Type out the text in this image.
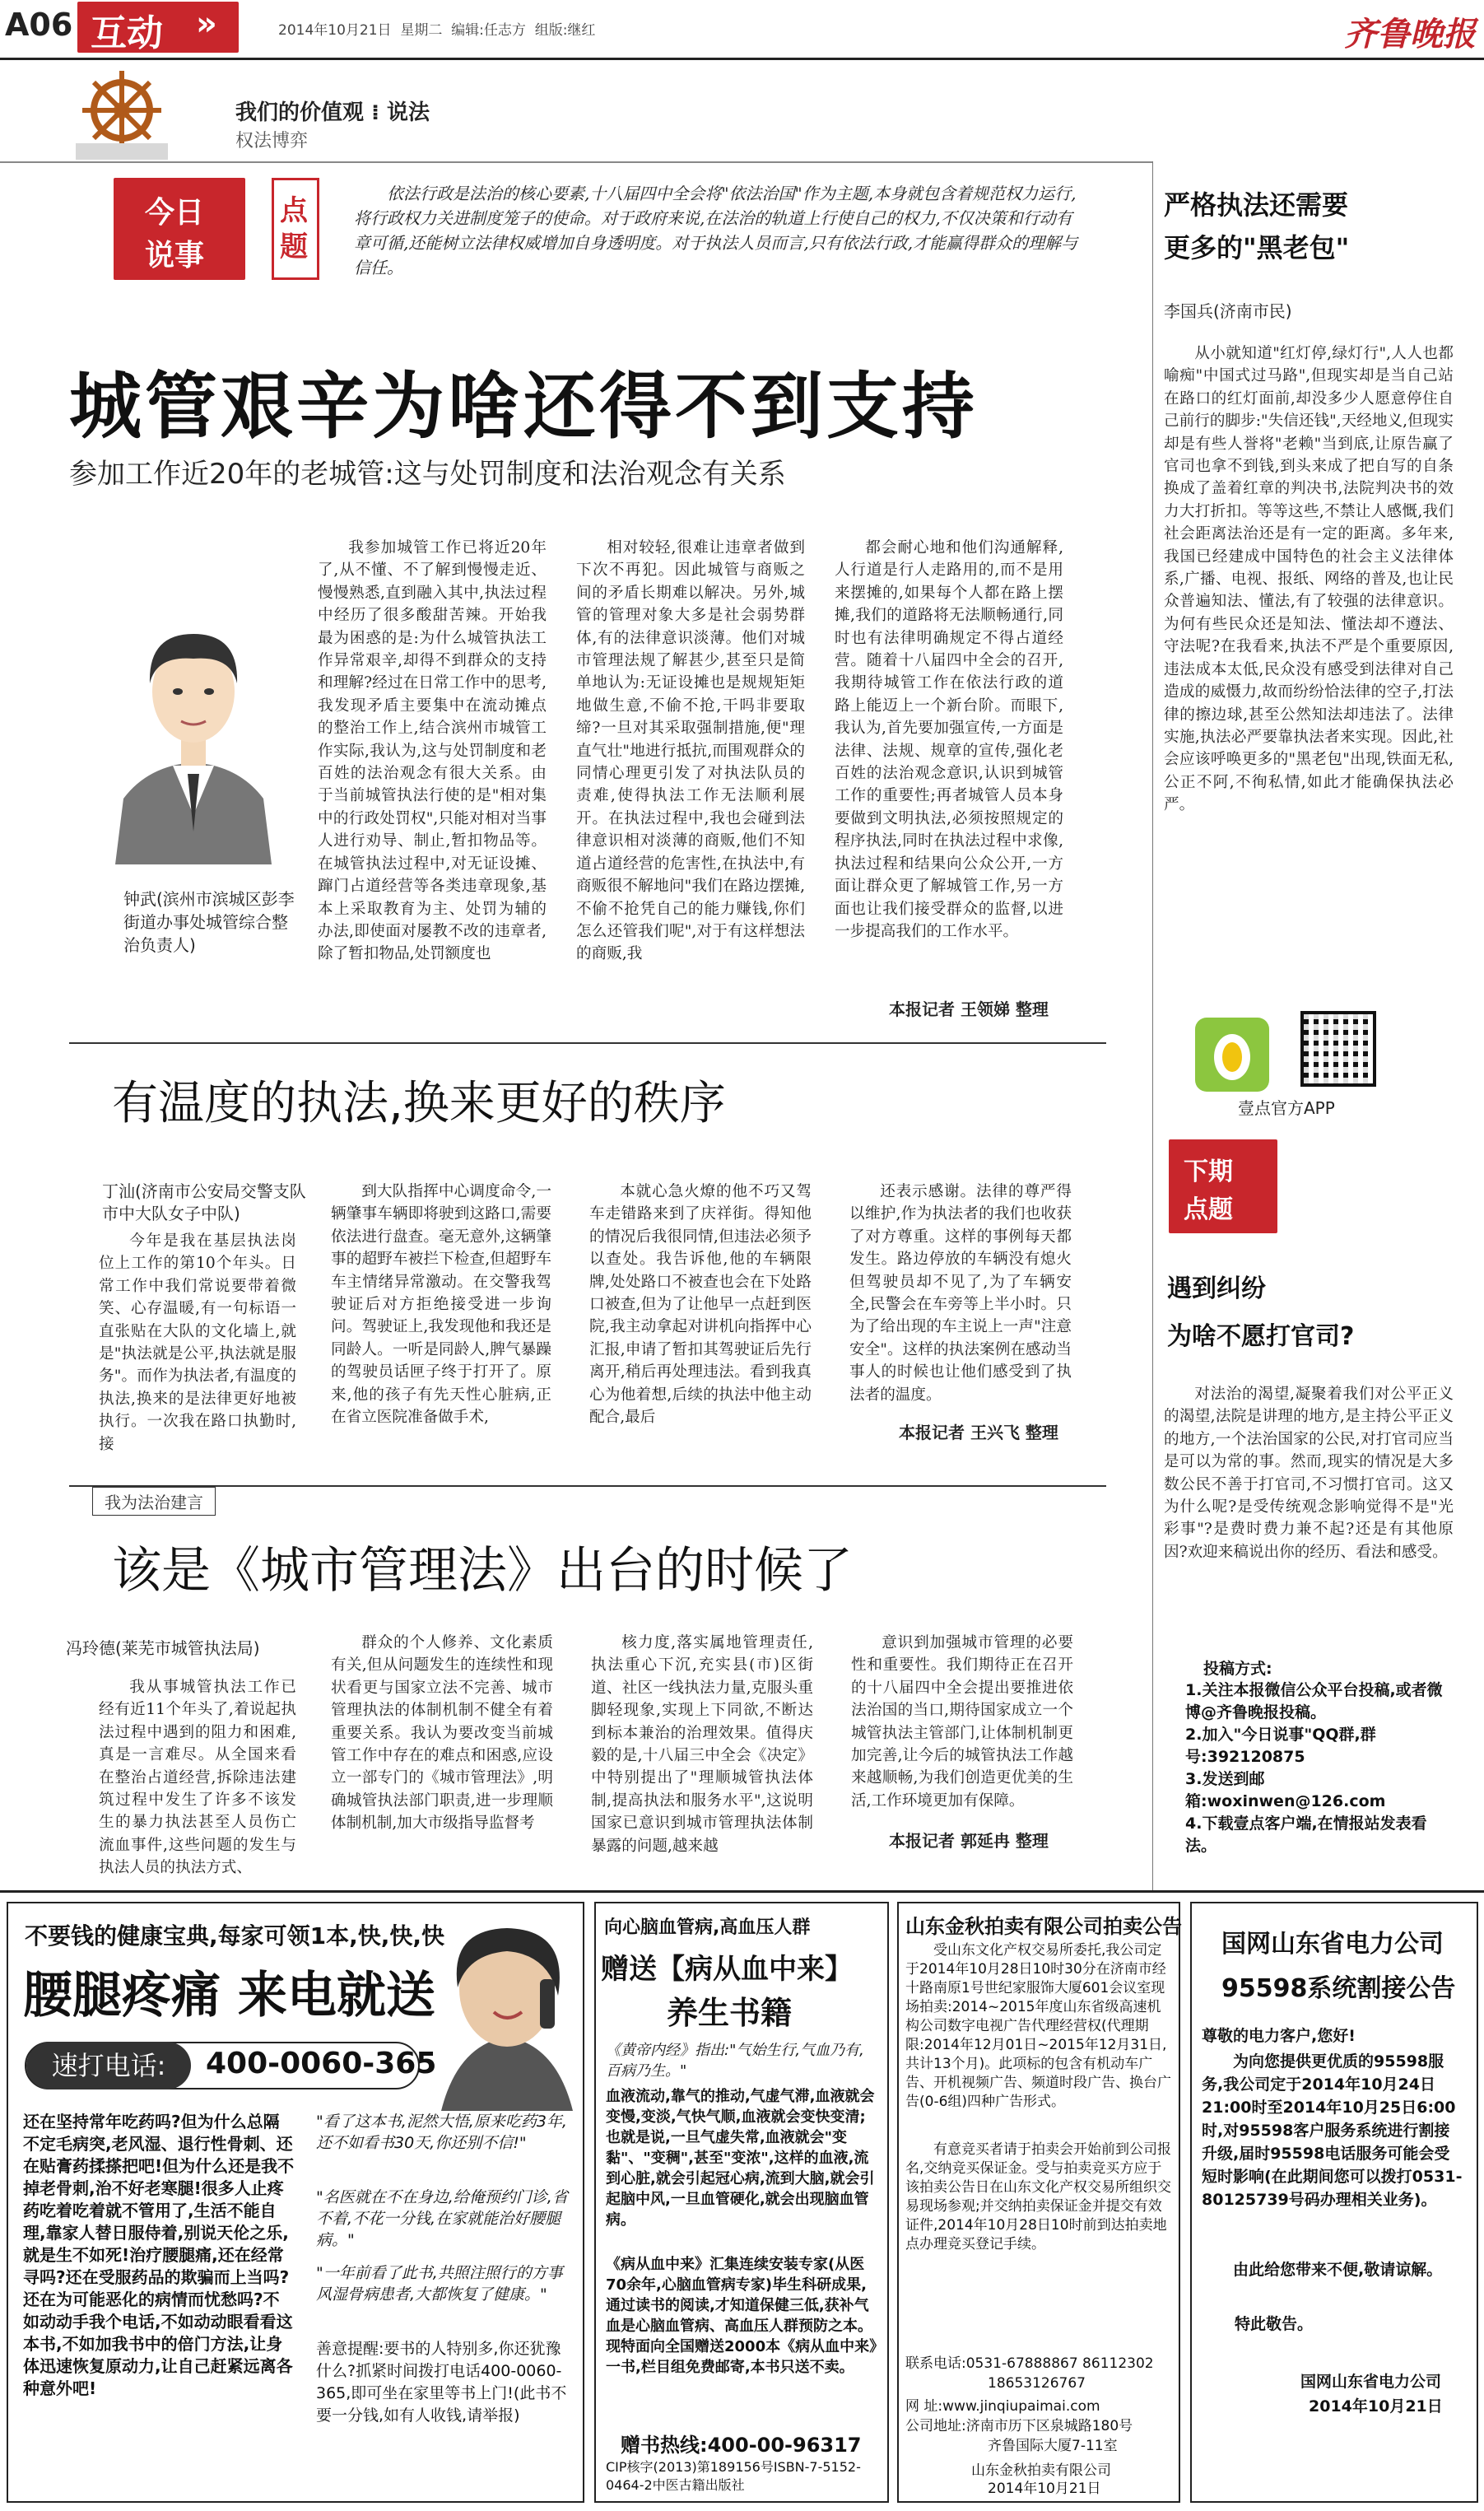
A06 互动 »	2014年10月21日 星期二 编辑:任志方 组版:继红	齐鲁晚报
我们的价值观 ⁞ 说法
权法博弈
今日
说事
点
题
依法行政是法治的核心要素,十八届四中全会将"依法治国"作为主题,本身就包含着规范权力运行,将行政权力关进制度笼子的使命。对于政府来说,在法治的轨道上行使自己的权力,不仅决策和行动有章可循,还能树立法律权威增加自身透明度。对于执法人员而言,只有依法行政,才能赢得群众的理解与信任。
城管艰辛为啥还得不到支持
参加工作近20年的老城管:这与处罚制度和法治观念有关系
钟武(滨州市滨城区彭李街道办事处城管综合整治负责人)

我参加城管工作已将近20年了,从不懂、不了解到慢慢走近、慢慢熟悉,直到融入其中,执法过程中经历了很多酸甜苦辣。开始我最为困惑的是:为什么城管执法工作异常艰辛,却得不到群众的支持和理解?经过在日常工作中的思考,我发现矛盾主要集中在流动摊点的整治工作上,结合滨州市城管工作实际,我认为,这与处罚制度和老百姓的法治观念有很大关系。由于当前城管执法行使的是"相对集中的行政处罚权",只能对相对当事人进行劝导、制止,暂扣物品等。在城管执法过程中,对无证设摊、蹿门占道经营等各类违章现象,基本上采取教育为主、处罚为辅的办法,即使面对屡教不改的违章者,除了暂扣物品,处罚额度也

相对较轻,很难让违章者做到下次不再犯。因此城管与商贩之间的矛盾长期难以解决。另外,城管的管理对象大多是社会弱势群体,有的法律意识淡薄。他们对城市管理法规了解甚少,甚至只是简单地认为:无证设摊也是规规矩矩地做生意,不偷不抢,干吗非要取缔?一旦对其采取强制措施,便"理直气壮"地进行抵抗,而围观群众的同情心理更引发了对执法队员的责难,使得执法工作无法顺利展开。在执法过程中,我也会碰到法律意识相对淡薄的商贩,他们不知道占道经营的危害性,在执法中,有商贩很不解地问"我们在路边摆摊,不偷不抢凭自己的能力赚钱,你们怎么还管我们呢",对于有这样想法的商贩,我

都会耐心地和他们沟通解释,人行道是行人走路用的,而不是用来摆摊的,如果每个人都在路上摆摊,我们的道路将无法顺畅通行,同时也有法律明确规定不得占道经营。随着十八届四中全会的召开,我期待城管工作在依法行政的道路上能迈上一个新台阶。而眼下,我认为,首先要加强宣传,一方面是法律、法规、规章的宣传,强化老百姓的法治观念意识,认识到城管工作的重要性;再者城管人员本身要做到文明执法,必须按照规定的程序执法,同时在执法过程中求像,执法过程和结果向公众公开,一方面让群众更了解城管工作,另一方面也让我们接受群众的监督,以进一步提高我们的工作水平。

本报记者 王领娣 整理
有温度的执法,换来更好的秩序
丁汕(济南市公安局交警支队市中大队女子中队)

今年是我在基层执法岗位上工作的第10个年头。日常工作中我们常说要带着微笑、心存温暖,有一句标语一直张贴在大队的文化墙上,就是"执法就是公平,执法就是服务"。而作为执法者,有温度的执法,换来的是法律更好地被执行。一次我在路口执勤时,接

到大队指挥中心调度命令,一辆肇事车辆即将驶到这路口,需要依法进行盘查。毫无意外,这辆肇事的超野车被拦下检查,但超野车车主情绪异常激动。在交警我驾驶证后对方拒绝接受进一步询问。驾驶证上,我发现他和我还是同龄人。一听是同龄人,脾气暴躁的驾驶员话匣子终于打开了。原来,他的孩子有先天性心脏病,正在省立医院准备做手术,

本就心急火燎的他不巧又驾车走错路来到了庆祥街。得知他的情况后我很同情,但违法必须予以查处。我告诉他,他的车辆限牌,处处路口不被查也会在下处路口被查,但为了让他早一点赶到医院,我主动拿起对讲机向指挥中心汇报,申请了暂扣其驾驶证后先行离开,稍后再处理违法。看到我真心为他着想,后续的执法中他主动配合,最后

还表示感谢。法律的尊严得以维护,作为执法者的我们也收获了对方尊重。这样的事例每天都发生。路边停放的车辆没有熄火但驾驶员却不见了,为了车辆安全,民警会在车旁等上半小时。只为了给出现的车主说上一声"注意安全"。这样的执法案例在感动当事人的时候也让他们感受到了执法者的温度。

本报记者 王兴飞 整理
我为法治建言
该是《城市管理法》出台的时候了
冯玲德(莱芜市城管执法局)

我从事城管执法工作已经有近11个年头了,着说起执法过程中遇到的阻力和困难,真是一言难尽。从全国来看在整治占道经营,拆除违法建筑过程中发生了许多不该发生的暴力执法甚至人员伤亡流血事件,这些问题的发生与执法人员的执法方式、

群众的个人修养、文化素质有关,但从问题发生的连续性和现状看更与国家立法不完善、城市管理执法的体制机制不健全有着重要关系。我认为要改变当前城管工作中存在的难点和困惑,应设立一部专门的《城市管理法》,明确城管执法部门职责,进一步理顺体制机制,加大市级指导监督考

核力度,落实属地管理责任,执法重心下沉,充实县(市)区街道、社区一线执法力量,克服头重脚轻现象,实现上下同欲,不断达到标本兼治的治理效果。值得庆毅的是,十八届三中全会《决定》中特别提出了"理顺城管执法体制,提高执法和服务水平",这说明国家已意识到城市管理执法体制暴露的问题,越来越

意识到加强城市管理的必要性和重要性。我们期待正在召开的十八届四中全会提出要推进依法治国的当口,期待国家成立一个城管执法主管部门,让体制机制更加完善,让今后的城管执法工作越来越顺畅,为我们创造更优美的生活,工作环境更加有保障。

本报记者 郭延冉 整理
严格执法还需要
更多的"黑老包"
李国兵(济南市民)

从小就知道"红灯停,绿灯行",人人也都喻痴"中国式过马路",但现实却是当自己站在路口的红灯面前,却没多少人愿意停住自己前行的脚步:"失信还钱",天经地义,但现实却是有些人誉将"老赖"当到底,让原告赢了官司也拿不到钱,到头来成了把自写的自条换成了盖着红章的判决书,法院判决书的效力大打折扣。等等这些,不禁让人感慨,我们社会距离法治还是有一定的距离。多年来,我国已经建成中国特色的社会主义法律体系,广播、电视、报纸、网络的普及,也让民众普遍知法、懂法,有了较强的法律意识。为何有些民众还是知法、懂法却不遵法、守法呢?在我看来,执法不严是个重要原因,违法成本太低,民众没有感受到法律对自己造成的威慑力,故而纷纷恰法律的空子,打法律的擦边球,甚至公然知法却违法了。法律实施,执法必严要靠执法者来实现。因此,社会应该呼唤更多的"黑老包"出现,铁面无私,公正不阿,不徇私情,如此才能确保执法必严。

壹点官方APP
下期
点题
遇到纠纷
为啥不愿打官司?

对法治的渴望,凝聚着我们对公平正义的渴望,法院是讲理的地方,是主持公平正义的地方,一个法治国家的公民,对打官司应当是可以为常的事。然而,现实的情况是大多数公民不善于打官司,不习惯打官司。这又为什么呢?是受传统观念影响觉得不是"光彩事"?是费时费力兼不起?还是有其他原因?欢迎来稿说出你的经历、看法和感受。

投稿方式:
1.关注本报微信公众平台投稿,或者微博@齐鲁晚报投稿。
2.加入"今日说事"QQ群,群号:392120875
3.发送到邮箱:woxinwen@126.com
4.下载壹点客户端,在情报站发表看法。
不要钱的健康宝典,每家可领1本,快,快,快
腰腿疼痛 来电就送
速打电话:	400-0060-365
还在坚持常年吃药吗?但为什么总隔不定毛病突,老风湿、退行性骨刺、还在贴膏药揉搽把吧!但为什么还是我不掉老骨刺,治不好老寒腿!很多人止疼药吃着吃着就不管用了,生活不能自理,靠家人替日服侍着,别说天伦之乐,就是生不如死!治疗腰腿痛,还在经常寻吗?还在受服药品的欺骗而上当吗?还在为可能恶化的病情而忧愁吗?不如动动手我个电话,不如动动眼看看这本书,不如加我书中的倍门方法,让身体迅速恢复原动力,让自己赶紧远离各种意外吧!
"看了这本书,泥然大悟,原来吃药3年,还不如看书30天,你还别不信!"
"名医就在不在身边,给俺预约门诊,省不着,不花一分钱,在家就能治好腰腿病。"
"一年前看了此书,共照注照行的方事风湿骨病患者,大都恢复了健康。"
善意提醒:要书的人特别多,你还犹豫什么?抓紧时间拨打电话400-0060-365,即可坐在家里等书上门!(此书不要一分钱,如有人收钱,请举报)
向心脑血管病,高血压人群
赠送【病从血中来】
养生书籍
《黄帝内经》指出:"气始生行,气血乃有,百病乃生。"
血液流动,靠气的推动,气虚气滞,血液就会变慢,变淡,气快气顺,血液就会变快变清;也就是说,一旦气虚失常,血液就会"变黏"、"变稠",甚至"变浓",这样的血液,流到心脏,就会引起冠心病,流到大脑,就会引起脑中风,一旦血管硬化,就会出现脑血管病。
《病从血中来》汇集连续安装专家(从医70余年,心脑血管病专家)毕生科研成果,通过读书的阅读,才知道保健三低,获补气血是心脑血管病、高血压人群预防之本。现特面向全国赠送2000本《病从血中来》一书,栏目组免费邮寄,本书只送不卖。
赠书热线:400-00-96317
CIP核字(2013)第189156号ISBN-7-5152-0464-2中医古籍出版社
山东金秋拍卖有限公司拍卖公告
受山东文化产权交易所委托,我公司定于2014年10月28日10时30分在济南市经十路南原1号世纪家服饰大厦601会议室现场拍卖:2014~2015年度山东省级高速机构公司数字电视广告代理经营权(代理期限:2014年12月01日~2015年12月31日,共计13个月)。此项标的包含有机动车广告、开机视频广告、频道时段广告、换台广告(0-6组)四种广告形式。
有意竞买者请于拍卖会开始前到公司报名,交纳竞买保证金。受与拍卖竞买方应于该拍卖公告日在山东文化产权交易所组织交易现场参观;并交纳拍卖保证金并提交有效证件,2014年10月28日10时前到达拍卖地点办理竞买登记手续。
联系电话:0531-67888867 86112302
18653126767
网 址:www.jinqiupaimai.com
公司地址:济南市历下区泉城路180号
齐鲁国际大厦7-11室
山东金秋拍卖有限公司
2014年10月21日
国网山东省电力公司
95598系统割接公告
尊敬的电力客户,您好!
为向您提供更优质的95598服务,我公司定于2014年10月24日21:00时至2014年10月25日6:00时,对95598客户服务系统进行割接升级,届时95598电话服务可能会受短时影响(在此期间您可以拨打0531-80125739号码办理相关业务)。
由此给您带来不便,敬请谅解。
特此敬告。
国网山东省电力公司
2014年10月21日
